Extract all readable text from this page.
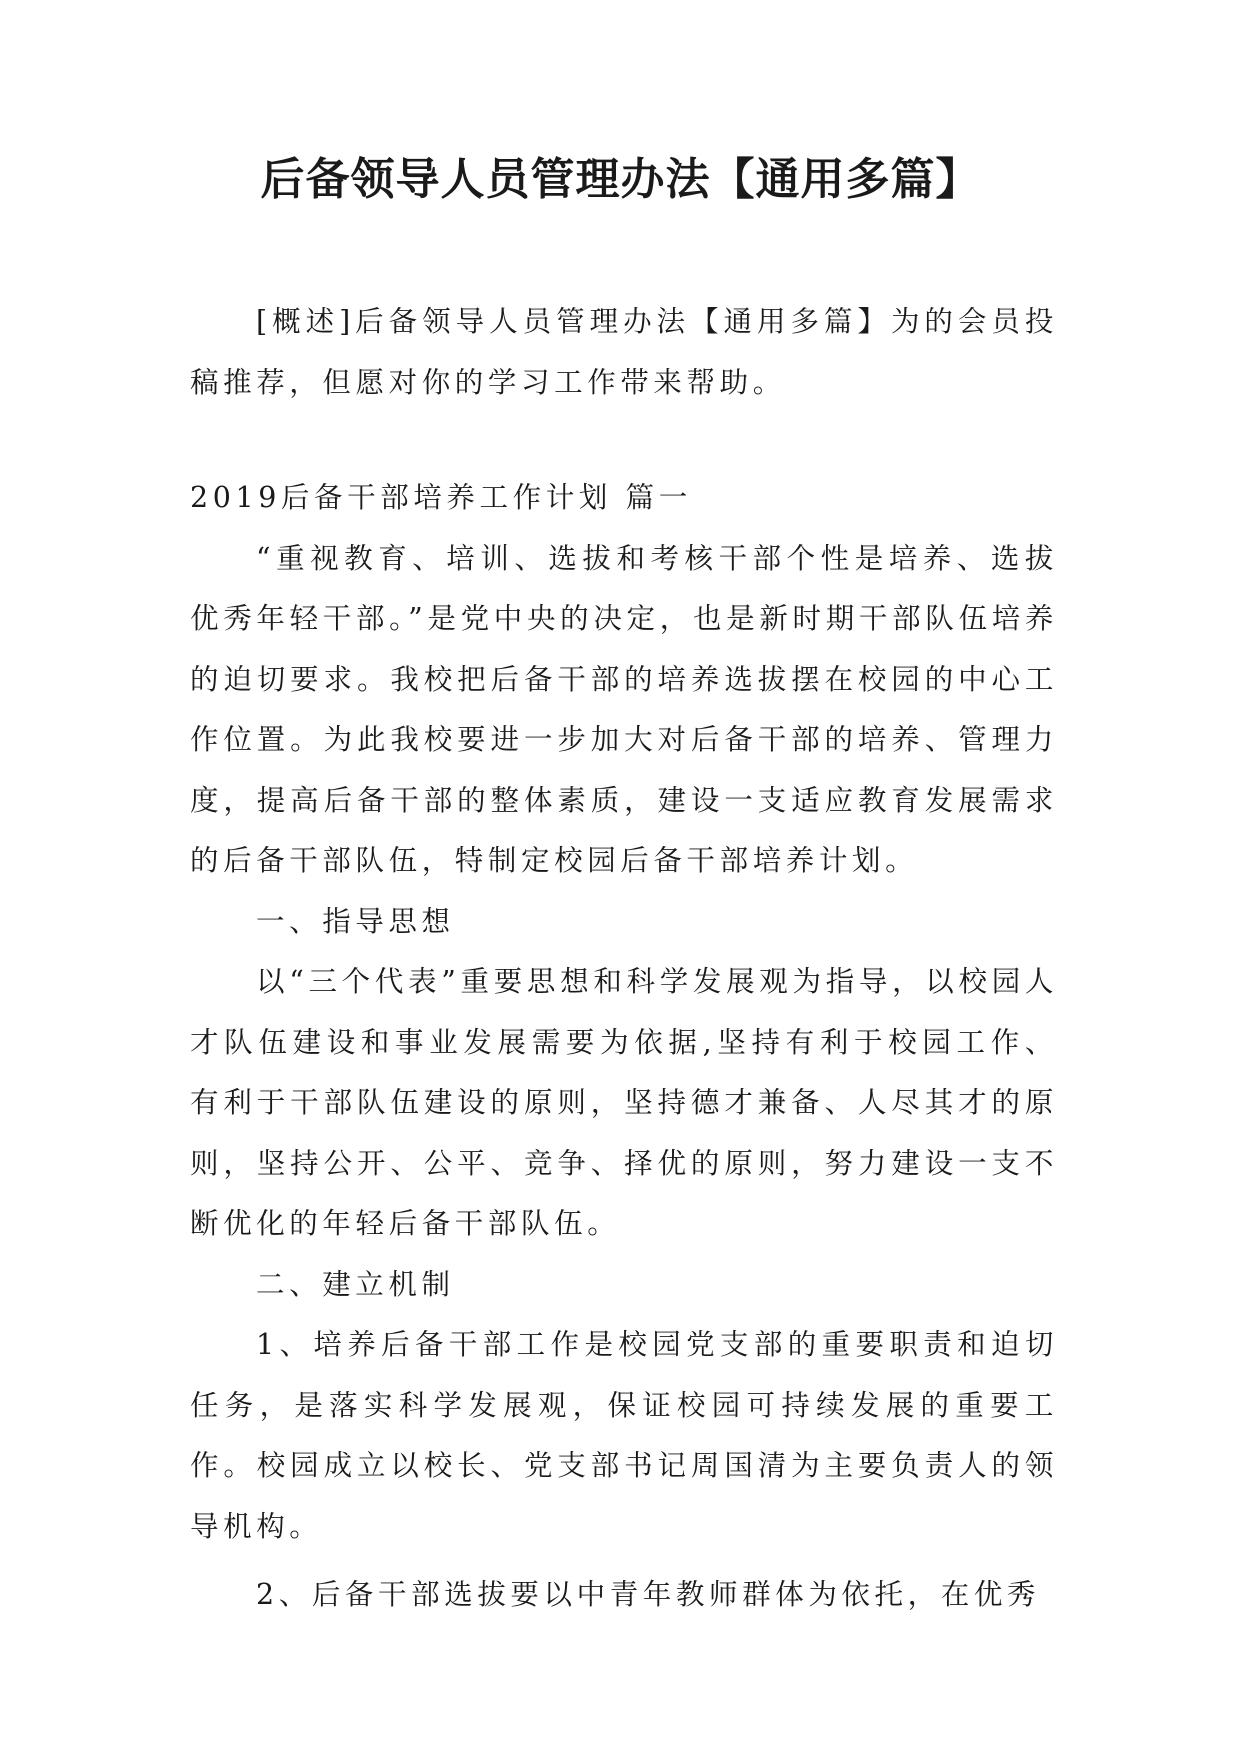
后备领导人员管理办法【通用多篇】

[概述]后备领导人员管理办法【通用多篇】为的会员投稿推荐，但愿对你的学习工作带来帮助。

2019后备干部培养工作计划 篇一

“重视教育、培训、选拔和考核干部个性是培养、选拔优秀年轻干部。”是党中央的决定，也是新时期干部队伍培养的迫切要求。我校把后备干部的培养选拔摆在校园的中心工作位置。为此我校要进一步加大对后备干部的培养、管理力度，提高后备干部的整体素质，建设一支适应教育发展需求的后备干部队伍，特制定校园后备干部培养计划。

一、指导思想

以“三个代表”重要思想和科学发展观为指导，以校园人才队伍建设和事业发展需要为依据,坚持有利于校园工作、有利于干部队伍建设的原则，坚持德才兼备、人尽其才的原则，坚持公开、公平、竞争、择优的原则，努力建设一支不断优化的年轻后备干部队伍。

二、建立机制

1、培养后备干部工作是校园党支部的重要职责和迫切任务，是落实科学发展观，保证校园可持续发展的重要工作。校园成立以校长、党支部书记周国清为主要负责人的领导机构。

2、后备干部选拔要以中青年教师群体为依托，在优秀
